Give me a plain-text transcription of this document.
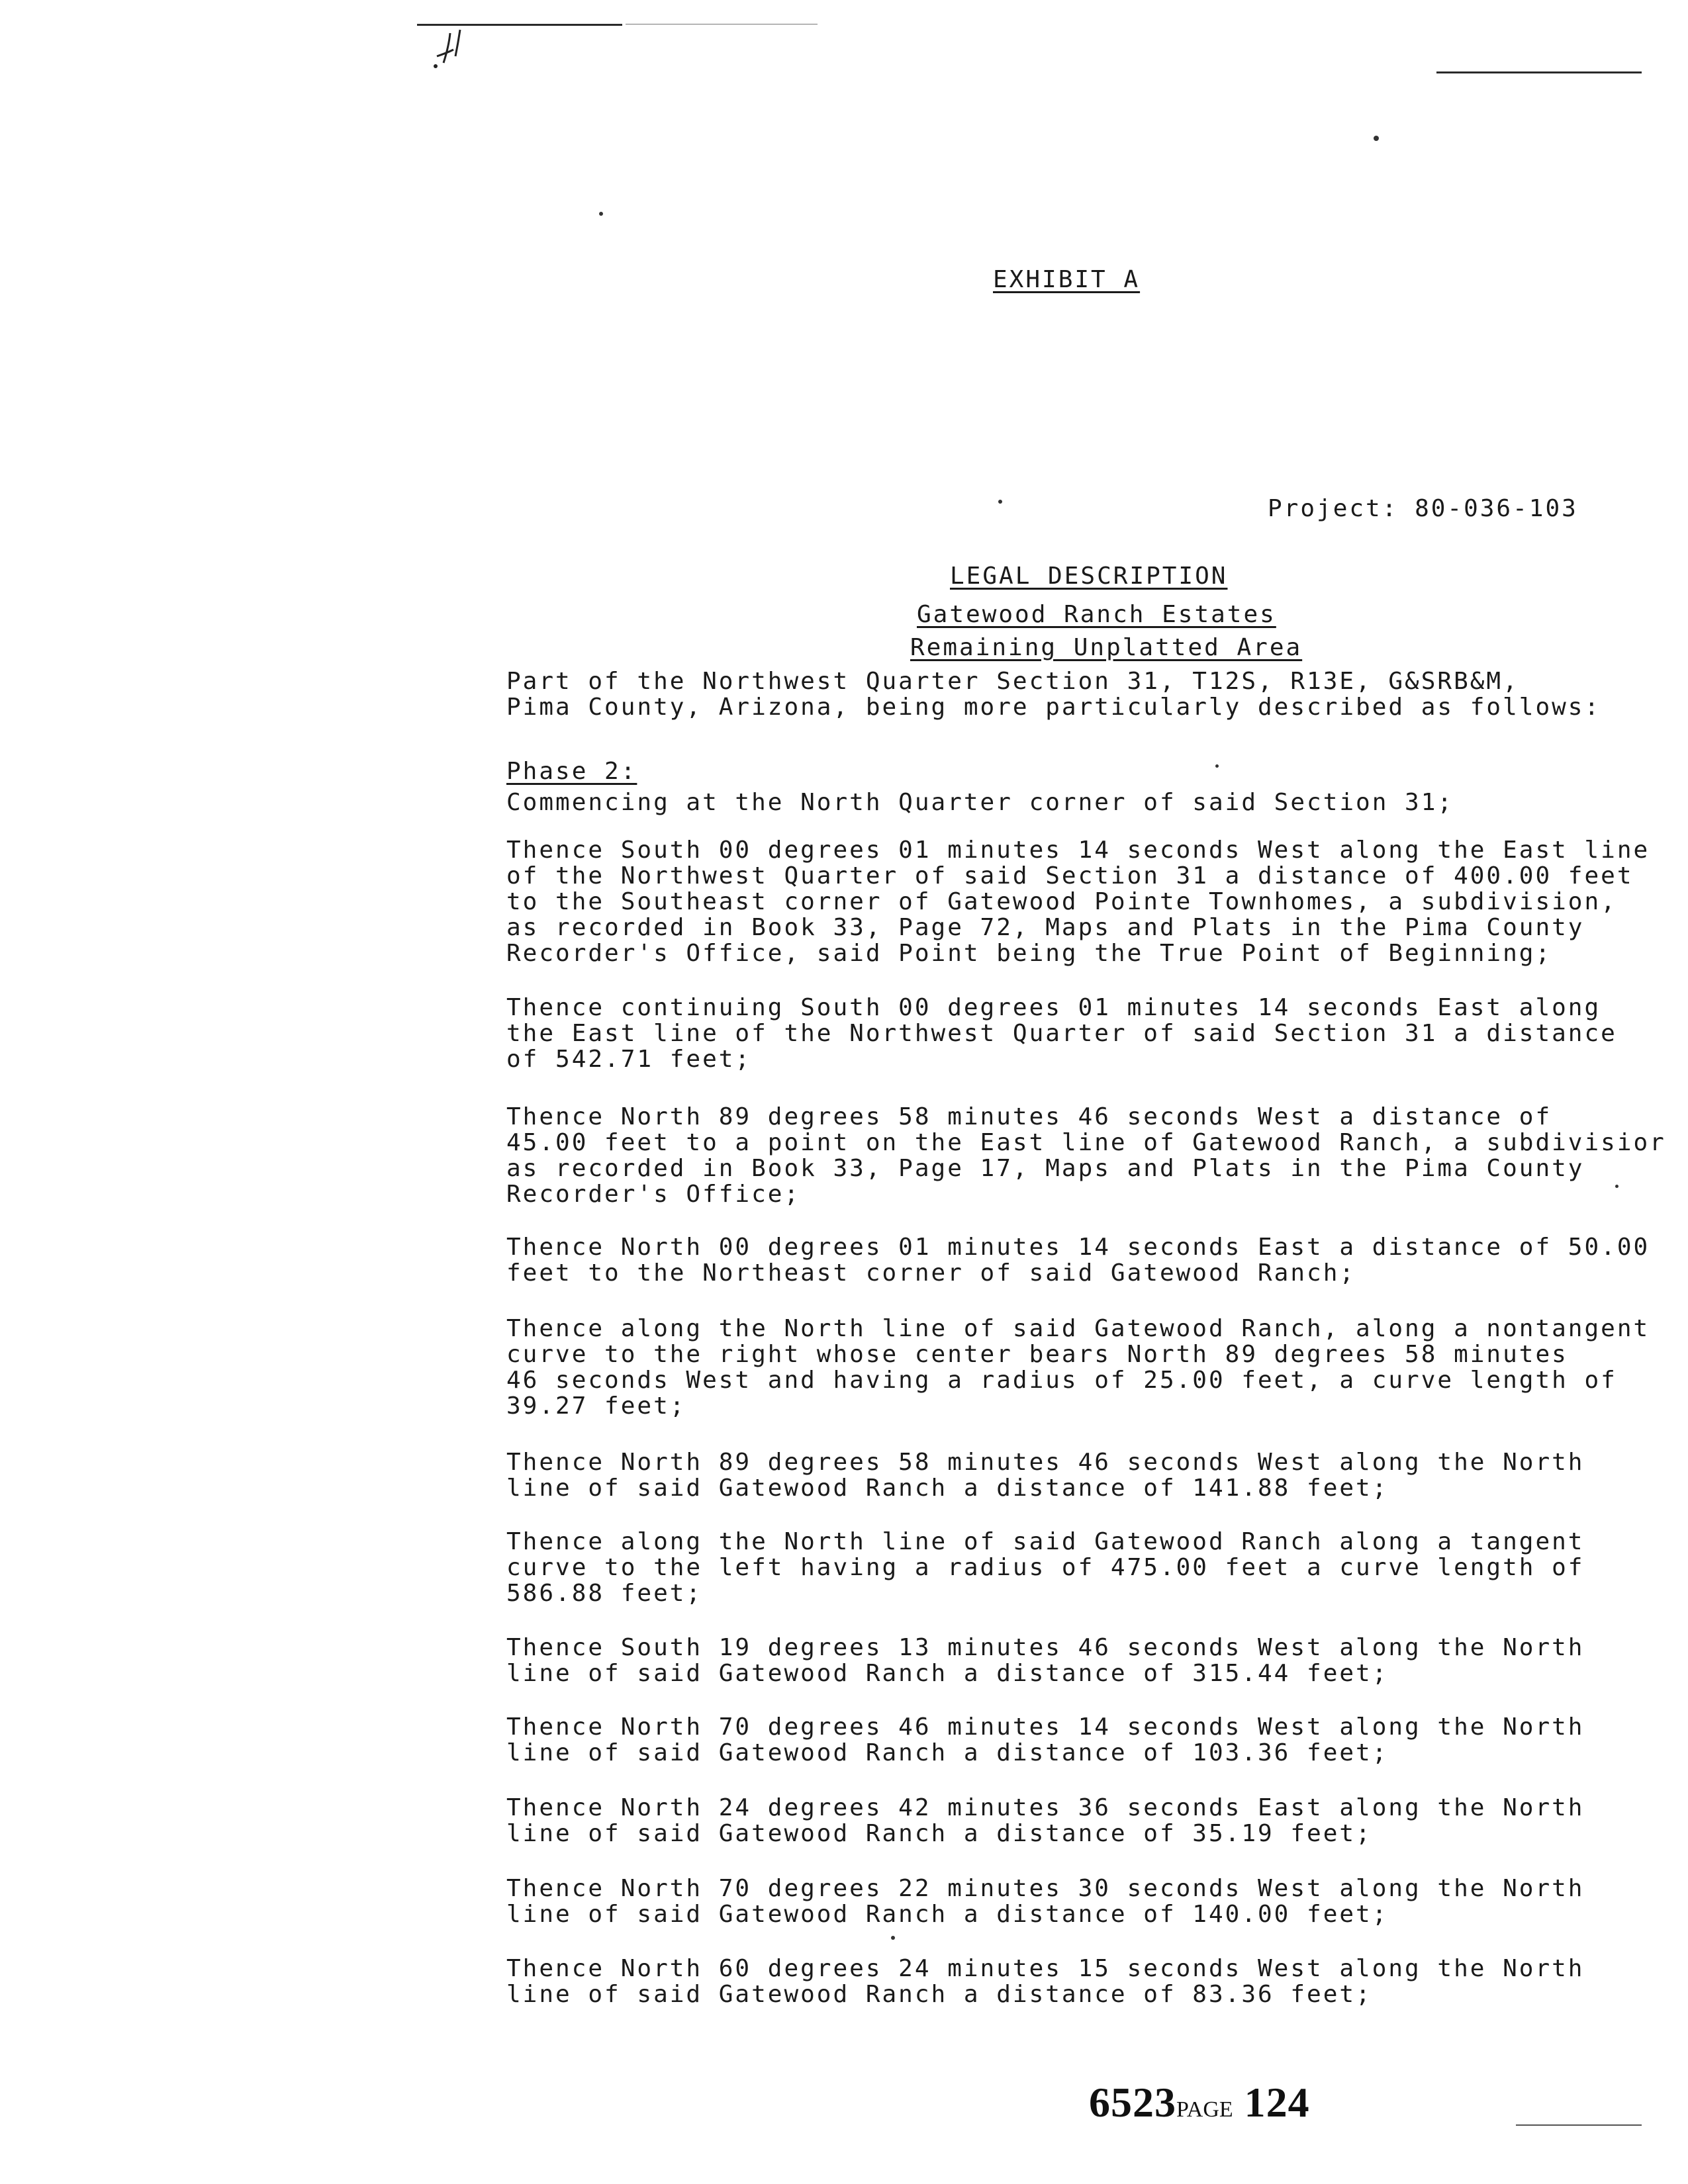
EXHIBIT A
Project: 80-036-103
LEGAL DESCRIPTION
Gatewood Ranch Estates
Remaining Unplatted Area
Part of the Northwest Quarter Section 31, T12S, R13E, G&SRB&M,
Pima County, Arizona, being more particularly described as follows:
Phase 2:
Commencing at the North Quarter corner of said Section 31;
Thence South 00 degrees 01 minutes 14 seconds West along the East line
of the Northwest Quarter of said Section 31 a distance of 400.00 feet
to the Southeast corner of Gatewood Pointe Townhomes, a subdivision,
as recorded in Book 33, Page 72, Maps and Plats in the Pima County
Recorder's Office, said Point being the True Point of Beginning;
Thence continuing South 00 degrees 01 minutes 14 seconds East along
the East line of the Northwest Quarter of said Section 31 a distance
of 542.71 feet;
Thence North 89 degrees 58 minutes 46 seconds West a distance of
45.00 feet to a point on the East line of Gatewood Ranch, a subdivisior
as recorded in Book 33, Page 17, Maps and Plats in the Pima County
Recorder's Office;
Thence North 00 degrees 01 minutes 14 seconds East a distance of 50.00
feet to the Northeast corner of said Gatewood Ranch;
Thence along the North line of said Gatewood Ranch, along a nontangent
curve to the right whose center bears North 89 degrees 58 minutes
46 seconds West and having a radius of 25.00 feet, a curve length of
39.27 feet;
Thence North 89 degrees 58 minutes 46 seconds West along the North
line of said Gatewood Ranch a distance of 141.88 feet;
Thence along the North line of said Gatewood Ranch along a tangent
curve to the left having a radius of 475.00 feet a curve length of
586.88 feet;
Thence South 19 degrees 13 minutes 46 seconds West along the North
line of said Gatewood Ranch a distance of 315.44 feet;
Thence North 70 degrees 46 minutes 14 seconds West along the North
line of said Gatewood Ranch a distance of 103.36 feet;
Thence North 24 degrees 42 minutes 36 seconds East along the North
line of said Gatewood Ranch a distance of 35.19 feet;
Thence North 70 degrees 22 minutes 30 seconds West along the North
line of said Gatewood Ranch a distance of 140.00 feet;
Thence North 60 degrees 24 minutes 15 seconds West along the North
line of said Gatewood Ranch a distance of 83.36 feet;
6523PAGE 124
